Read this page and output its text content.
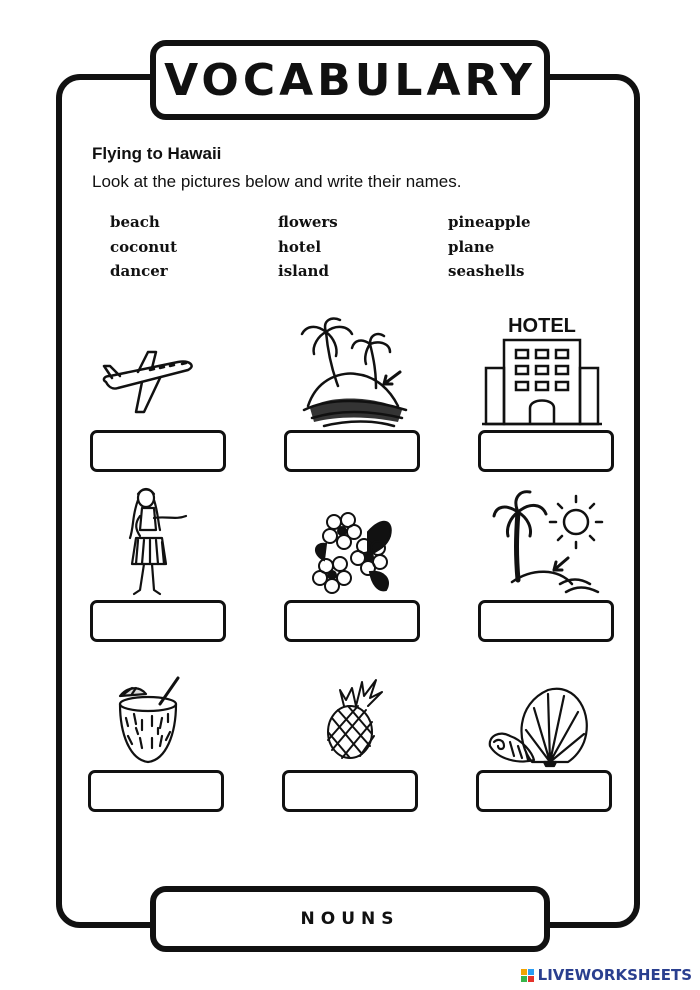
VOCABULARY
Flying to Hawaii
Look at the pictures below and write their names.
beach
coconut
dancer
flowers
hotel
island
pineapple
plane
seashells
HOTEL
NOUNS
LIVEWORKSHEETS
